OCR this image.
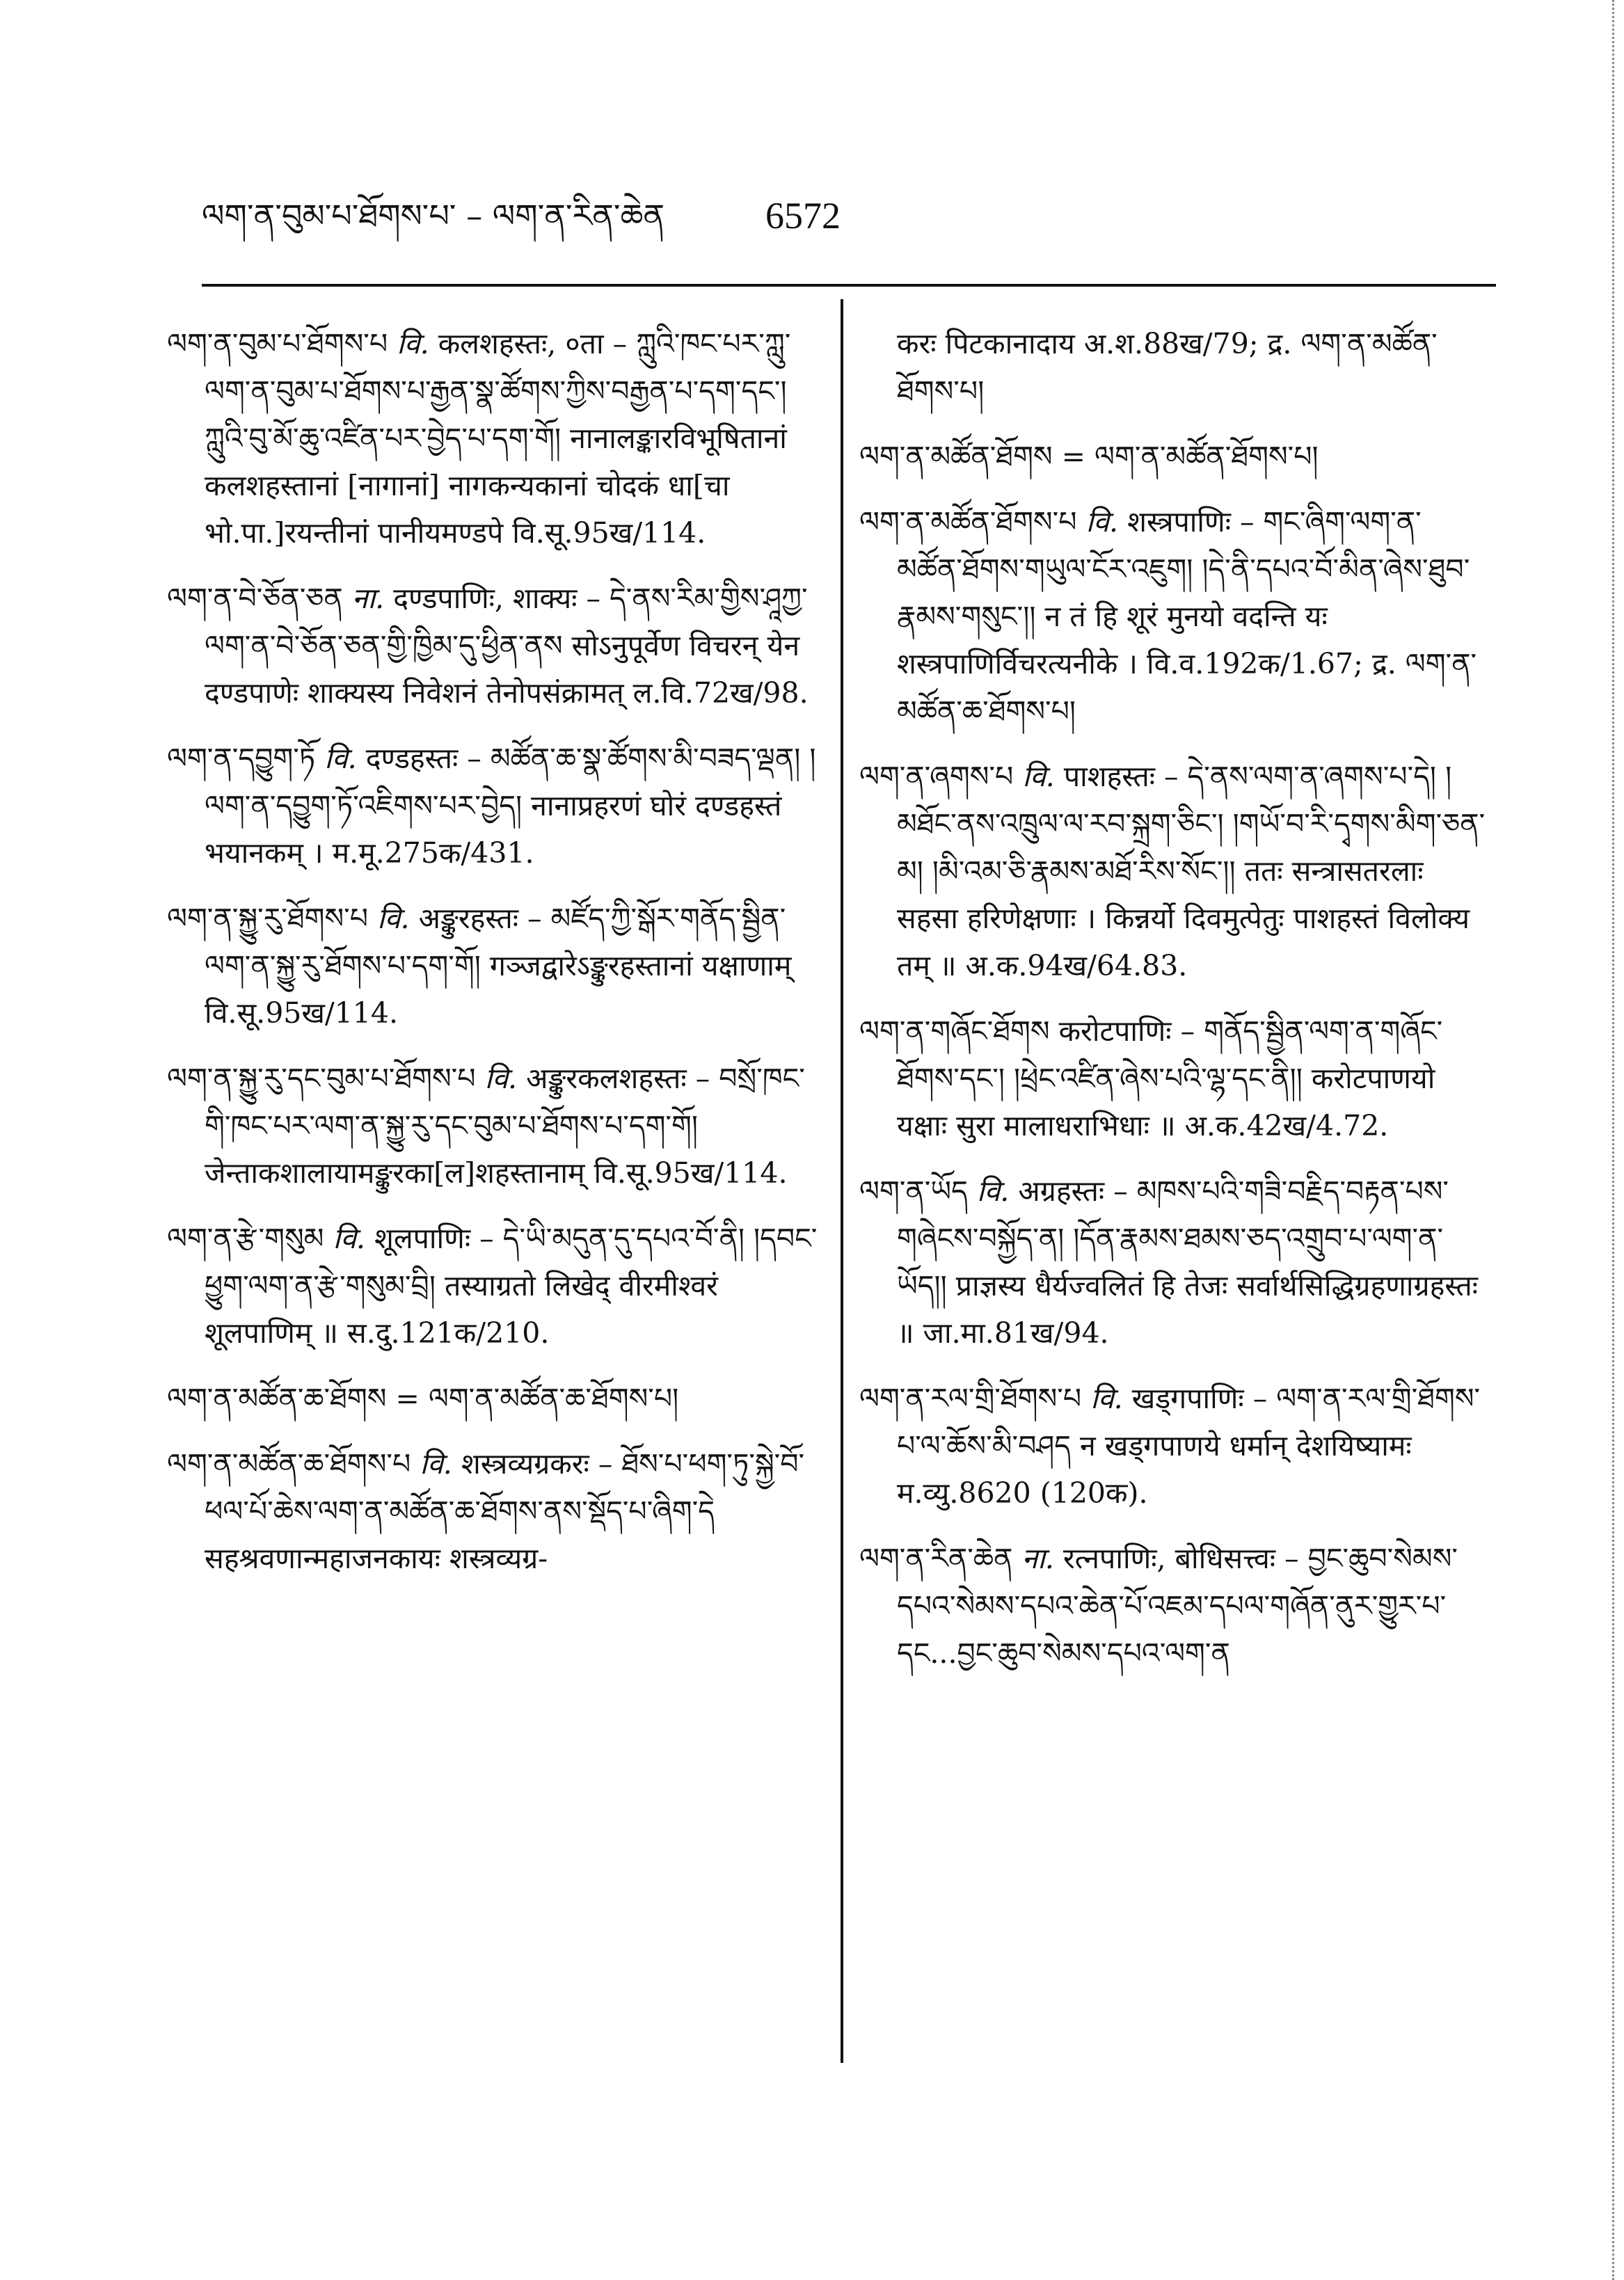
ལག་ན་བུམ་པ་ཐོགས་པ་ – ལག་ན་རིན་ཆེན	6572

ལག་ན་བུམ་པ་ཐོགས་པ वि. कलशहस्तः, ०ता – ཀླུའི་ཁང་པར་ཀླུ་ལག་ན་བུམ་པ་ཐོགས་པ་རྒྱན་སྣ་ཚོགས་ཀྱིས་བརྒྱན་པ་དག་དང་། ཀླུའི་བུ་མོ་ཆུ་འཛིན་པར་བྱེད་པ་དག་གོ། नानालङ्कारविभूषितानां कलशहस्तानां [नागानां] नागकन्यकानां चोदकं धा[चा भो.पा.]रयन्तीनां पानीयमण्डपे वि.सू.95ख/114.

ལག་ན་བེ་ཅོན་ཅན ना. दण्डपाणिः, शाक्यः – དེ་ནས་རིམ་གྱིས་ཤཱཀྱ་ལག་ན་བེ་ཅོན་ཅན་གྱི་ཁྱིམ་དུ་ཕྱིན་ནས सोऽनुपूर्वेण विचरन् येन दण्डपाणेः शाक्यस्य निवेशनं तेनोपसंक्रामत् ल.वि.72ख/98.

ལག་ན་དབྱུག་ཏོ वि. दण्डहस्तः – མཚོན་ཆ་སྣ་ཚོགས་མི་བཟད་ལྡན། །ལག་ན་དབྱུག་ཏོ་འཇིགས་པར་བྱེད། नानाप्रहरणं घोरं दण्डहस्तं भयानकम् । म.मू.275क/431.

ལག་ན་སྐྱུ་རུ་ཐོགས་པ वि. अङ्कुरहस्तः – མཛོད་ཀྱི་སྒོར་གནོད་སྦྱིན་ལག་ན་སྐྱུ་རུ་ཐོགས་པ་དག་གོ། गञ्जद्वारेऽङ्कुरहस्तानां यक्षाणाम् वि.सू.95ख/114.

ལག་ན་སྐྱུ་རུ་དང་བུམ་པ་ཐོགས་པ वि. अङ्कुरकलशहस्तः – བསྲོ་ཁང་གི་ཁང་པར་ལག་ན་སྐྱུ་རུ་དང་བུམ་པ་ཐོགས་པ་དག་གོ། जेन्ताकशालायामङ्कुरका[ल]शहस्तानाम् वि.सू.95ख/114.

ལག་ན་རྩེ་གསུམ वि. शूलपाणिः – དེ་ཡི་མདུན་དུ་དཔའ་བོ་ནི། །དབང་ཕྱུག་ལག་ན་རྩེ་གསུམ་བྲི། तस्याग्रतो लिखेद् वीरमीश्वरं शूलपाणिम् ॥ स.दु.121क/210.

ལག་ན་མཚོན་ཆ་ཐོགས = ལག་ན་མཚོན་ཆ་ཐོགས་པ།

ལག་ན་མཚོན་ཆ་ཐོགས་པ वि. शस्त्रव्यग्रकरः – ཐོས་པ་ཕག་ཏུ་སྐྱེ་བོ་ཕལ་པོ་ཆེས་ལག་ན་མཚོན་ཆ་ཐོགས་ནས་སྡོད་པ་ཞིག་དེ सहश्रवणान्महाजनकायः शस्त्रव्यग्र-

करः पिटकानादाय अ.श.88ख/79; द्र. ལག་ན་མཚོན་ཐོགས་པ།

ལག་ན་མཚོན་ཐོགས = ལག་ན་མཚོན་ཐོགས་པ།

ལག་ན་མཚོན་ཐོགས་པ वि. शस्त्रपाणिः – གང་ཞིག་ལག་ན་མཚོན་ཐོགས་གཡུལ་ངོར་འཇུག། །དེ་ནི་དཔའ་བོ་མིན་ཞེས་ཐུབ་རྣམས་གསུང་།། न तं हि शूरं मुनयो वदन्ति यः शस्त्रपाणिर्विचरत्यनीके । वि.व.192क/1.67; द्र. ལག་ན་མཚོན་ཆ་ཐོགས་པ།

ལག་ན་ཞགས་པ वि. पाशहस्तः – དེ་ནས་ལག་ན་ཞགས་པ་དེ། །མཐོང་ནས་འཁྲུལ་ལ་རབ་སྐྲག་ཅིང་། །གཡོ་བ་རི་དྭགས་མིག་ཅན་མ། །མི་འམ་ཅི་རྣམས་མཐོ་རིས་སོང་།། ततः सन्त्रासतरलाः सहसा हरिणेक्षणाः । किन्नर्यो दिवमुत्पेतुः पाशहस्तं विलोक्य तम् ॥ अ.क.94ख/64.83.

ལག་ན་གཞོང་ཐོགས करोटपाणिः – གནོད་སྦྱིན་ལག་ན་གཞོང་ཐོགས་དང་། །ཕྲེང་འཛིན་ཞེས་པའི་ལྷ་དང་ནི།། करोटपाणयो यक्षाः सुरा मालाधराभिधाः ॥ अ.क.42ख/4.72.

ལག་ན་ཡོད वि. अग्रहस्तः – མཁས་པའི་གཟི་བརྗིད་བརྟན་པས་གཞེངས་བསྐྱོད་ན། །དོན་རྣམས་ཐམས་ཅད་འགྲུབ་པ་ལག་ན་ཡོད།། प्राज्ञस्य धैर्यज्वलितं हि तेजः सर्वार्थसिद्धिग्रहणाग्रहस्तः ॥ जा.मा.81ख/94.

ལག་ན་རལ་གྲི་ཐོགས་པ वि. खड्गपाणिः – ལག་ན་རལ་གྲི་ཐོགས་པ་ལ་ཆོས་མི་བཤད न खड्गपाणये धर्मान् देशयिष्यामः म.व्यु.8620 (120क).

ལག་ན་རིན་ཆེན ना. रत्नपाणिः, बोधिसत्त्वः – བྱང་ཆུབ་སེམས་དཔའ་སེམས་དཔའ་ཆེན་པོ་འཇམ་དཔལ་གཞོན་ནུར་གྱུར་པ་དང...བྱང་ཆུབ་སེམས་དཔའ་ལག་ན
